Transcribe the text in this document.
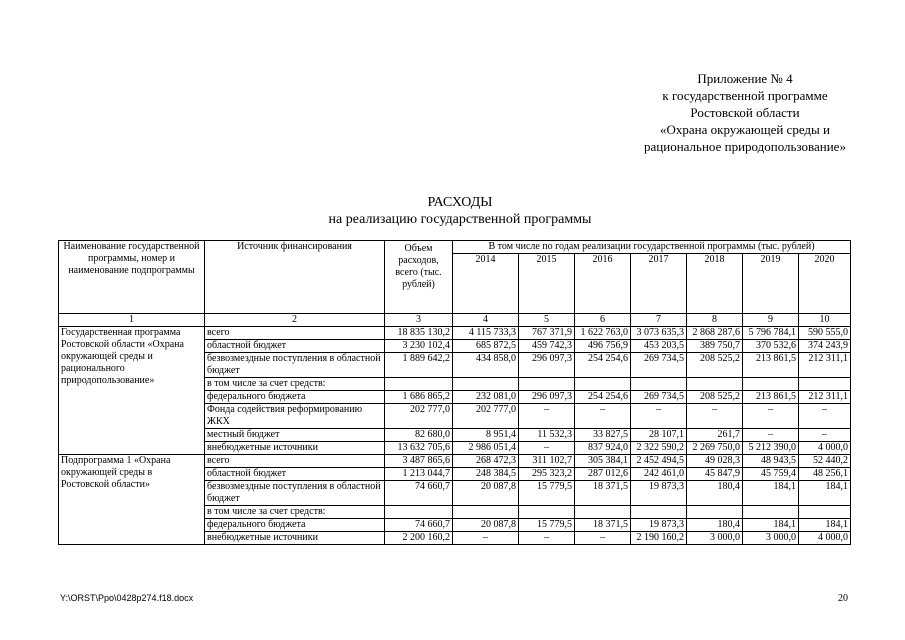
Приложение № 4
к государственной программе
Ростовской области
«Охрана окружающей среды и
рациональное природопользование»
РАСХОДЫ
на реализацию государственной программы
Наименование государственной программы, номер и наименование подпрограммы	Источник финансирования	Объем расходов, всего (тыс. рублей)	В том числе по годам реализации государственной программы (тыс. рублей)						
			2014	2015	2016	2017	2018	2019	2020
1	2	3	4	5	6	7	8	9	10
Государственная программа Ростовской области «Охрана окружающей среды и рационального природопользование»	всего	18 835 130,2	4 115 733,3	767 371,9	1 622 763,0	3 073 635,3	2 868 287,6	5 796 784,1	590 555,0
	областной бюджет	3 230 102,4	685 872,5	459 742,3	496 756,9	453 203,5	389 750,7	370 532,6	374 243,9
	безвозмездные поступления в областной бюджет	1 889 642,2	434 858,0	296 097,3	254 254,6	269 734,5	208 525,2	213 861,5	212 311,1
	в том числе за счет средств:								
	федерального бюджета	1 686 865,2	232 081,0	296 097,3	254 254,6	269 734,5	208 525,2	213 861,5	212 311,1
	Фонда содействия реформированию ЖКХ	202 777,0	202 777,0	–	–	–	–	–	–
	местный бюджет	82 680,0	8 951,4	11 532,3	33 827,5	28 107,1	261,7	–	–
	внебюджетные источники	13 632 705,6	2 986 051,4	–	837 924,0	2 322 590,2	2 269 750,0	5 212 390,0	4 000,0
Подпрограмма 1 «Охрана окружающей среды в Ростовской области»	всего	3 487 865,6	268 472,3	311 102,7	305 384,1	2 452 494,5	49 028,3	48 943,5	52 440,2
	областной бюджет	1 213 044,7	248 384,5	295 323,2	287 012,6	242 461,0	45 847,9	45 759,4	48 256,1
	безвозмездные поступления в областной бюджет	74 660,7	20 087,8	15 779,5	18 371,5	19 873,3	180,4	184,1	184,1
	в том числе за счет средств:								
	федерального бюджета	74 660,7	20 087,8	15 779,5	18 371,5	19 873,3	180,4	184,1	184,1
	внебюджетные источники	2 200 160,2	–	–	–	2 190 160,2	3 000,0	3 000,0	4 000,0
Y:\ORST\Ppo\0428p274.f18.docx	20
